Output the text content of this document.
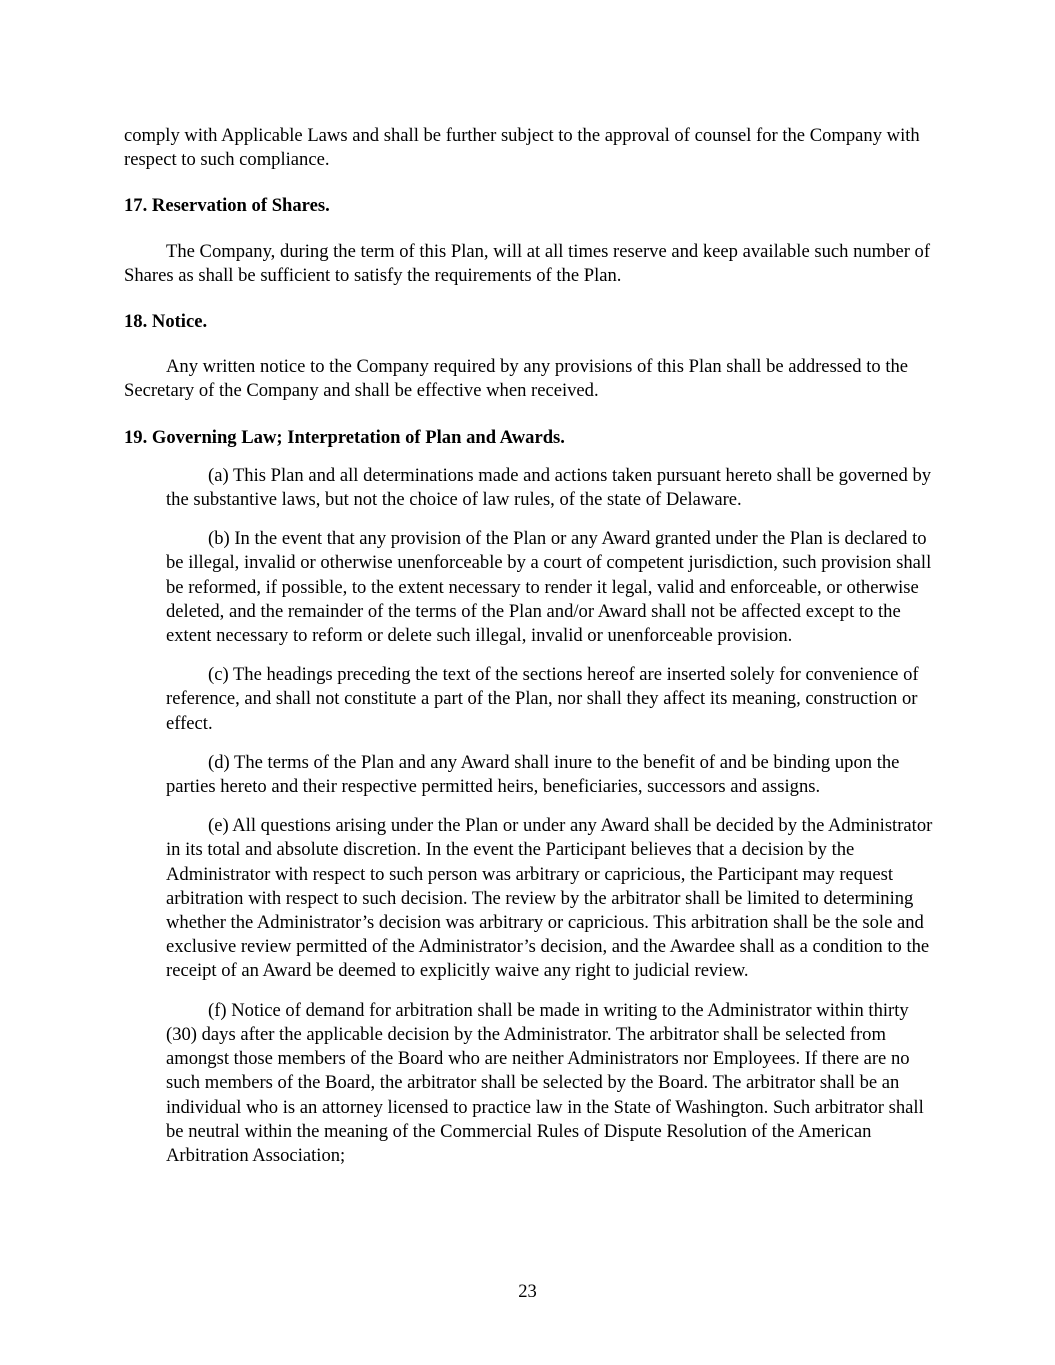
comply with Applicable Laws and shall be further subject to the approval of counsel for the Company with respect to such compliance.

17. Reservation of Shares.

The Company, during the term of this Plan, will at all times reserve and keep available such number of Shares as shall be sufficient to satisfy the requirements of the Plan.

18. Notice.

Any written notice to the Company required by any provisions of this Plan shall be addressed to the Secretary of the Company and shall be effective when received.

19. Governing Law; Interpretation of Plan and Awards.

(a) This Plan and all determinations made and actions taken pursuant hereto shall be governed by the substantive laws, but not the choice of law rules, of the state of Delaware.

(b) In the event that any provision of the Plan or any Award granted under the Plan is declared to be illegal, invalid or otherwise unenforceable by a court of competent jurisdiction, such provision shall be reformed, if possible, to the extent necessary to render it legal, valid and enforceable, or otherwise deleted, and the remainder of the terms of the Plan and/or Award shall not be affected except to the extent necessary to reform or delete such illegal, invalid or unenforceable provision.

(c) The headings preceding the text of the sections hereof are inserted solely for convenience of reference, and shall not constitute a part of the Plan, nor shall they affect its meaning, construction or effect.

(d) The terms of the Plan and any Award shall inure to the benefit of and be binding upon the parties hereto and their respective permitted heirs, beneficiaries, successors and assigns.

(e) All questions arising under the Plan or under any Award shall be decided by the Administrator in its total and absolute discretion. In the event the Participant believes that a decision by the Administrator with respect to such person was arbitrary or capricious, the Participant may request arbitration with respect to such decision. The review by the arbitrator shall be limited to determining whether the Administrator’s decision was arbitrary or capricious. This arbitration shall be the sole and exclusive review permitted of the Administrator’s decision, and the Awardee shall as a condition to the receipt of an Award be deemed to explicitly waive any right to judicial review.

(f) Notice of demand for arbitration shall be made in writing to the Administrator within thirty (30) days after the applicable decision by the Administrator. The arbitrator shall be selected from amongst those members of the Board who are neither Administrators nor Employees. If there are no such members of the Board, the arbitrator shall be selected by the Board. The arbitrator shall be an individual who is an attorney licensed to practice law in the State of Washington. Such arbitrator shall be neutral within the meaning of the Commercial Rules of Dispute Resolution of the American Arbitration Association;

23
